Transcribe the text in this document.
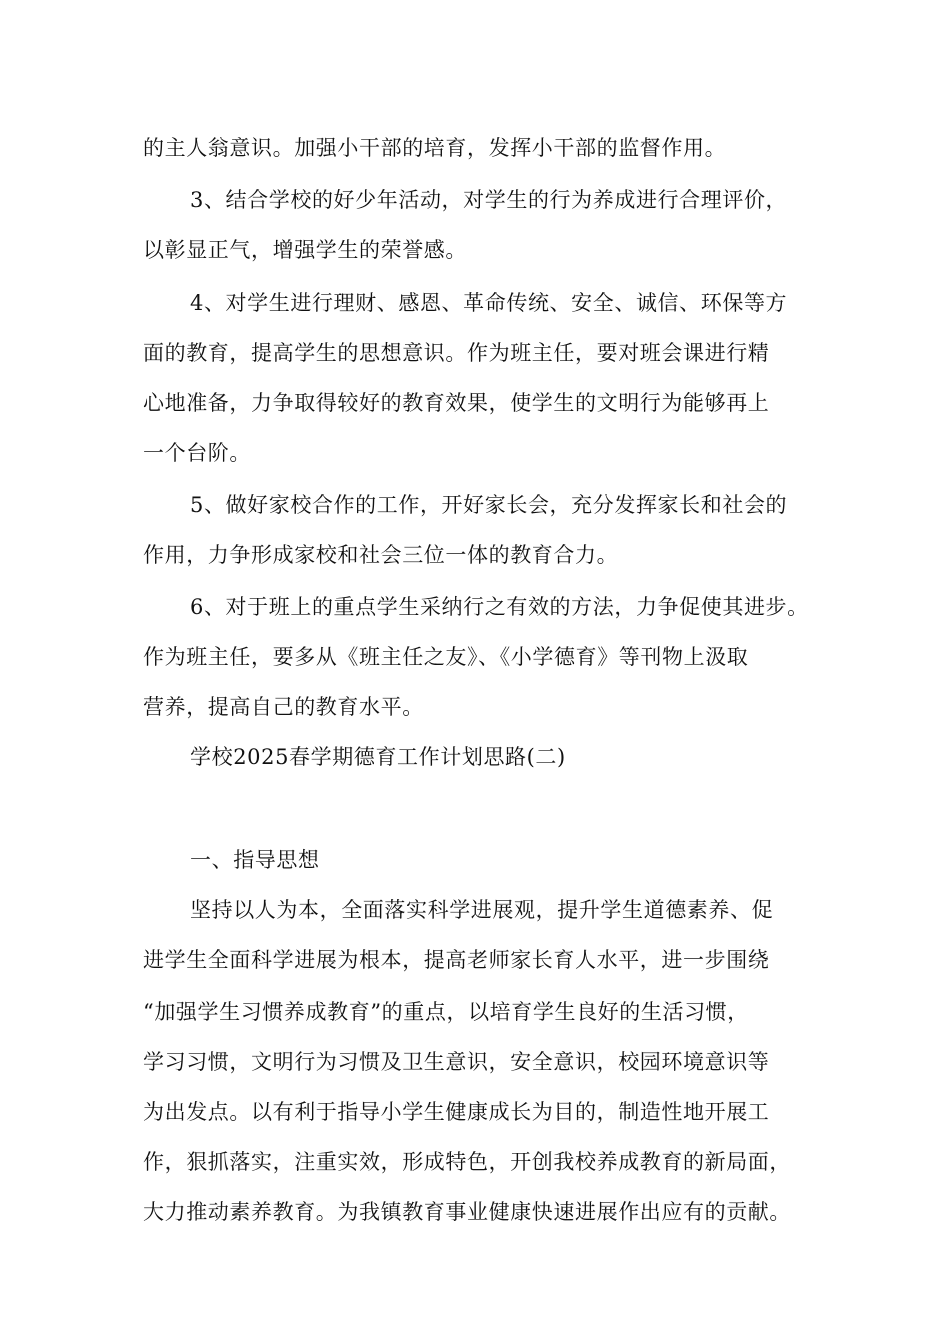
的主人翁意识。加强小干部的培育，发挥小干部的监督作用。
3、结合学校的好少年活动，对学生的行为养成进行合理评价，
以彰显正气，增强学生的荣誉感。
4、对学生进行理财、感恩、革命传统、安全、诚信、环保等方
面的教育，提高学生的思想意识。作为班主任，要对班会课进行精
心地准备，力争取得较好的教育效果，使学生的文明行为能够再上
一个台阶。
5、做好家校合作的工作，开好家长会，充分发挥家长和社会的
作用，力争形成家校和社会三位一体的教育合力。
6、对于班上的重点学生采纳行之有效的方法，力争促使其进步。
作为班主任，要多从《班主任之友》、《小学德育》等刊物上汲取
营养，提高自己的教育水平。
学校2025春学期德育工作计划思路(二)
一、指导思想
坚持以人为本，全面落实科学进展观，提升学生道德素养、促
进学生全面科学进展为根本，提高老师家长育人水平，进一步围绕
“加强学生习惯养成教育”的重点，以培育学生良好的生活习惯，
学习习惯，文明行为习惯及卫生意识，安全意识，校园环境意识等
为出发点。以有利于指导小学生健康成长为目的，制造性地开展工
作，狠抓落实，注重实效，形成特色，开创我校养成教育的新局面，
大力推动素养教育。为我镇教育事业健康快速进展作出应有的贡献。
